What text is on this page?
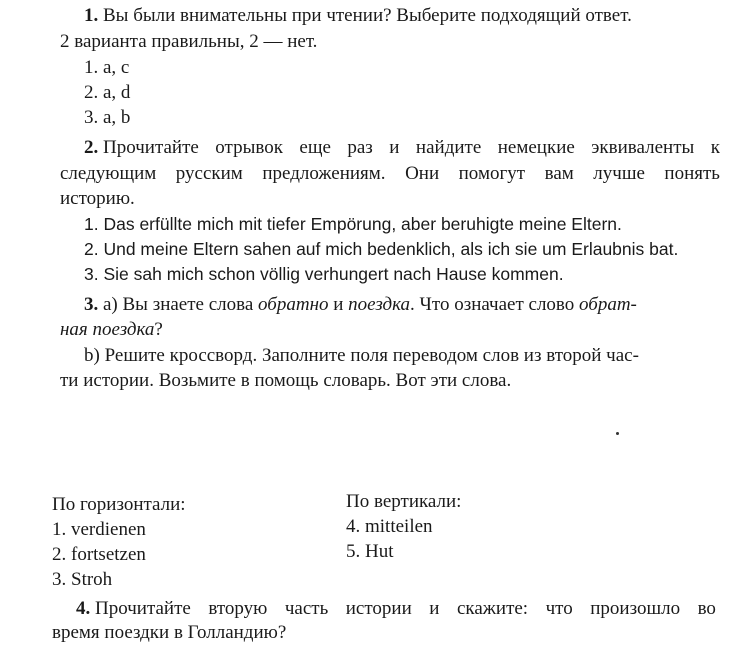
1. Вы были внимательны при чтении? Выберите подходящий ответ.
2 варианта правильны, 2 — нет.
1. a, c
2. a, d
3. a, b
2. Прочитайте отрывок еще раз и найдите немецкие эквиваленты к
следующим русским предложениям. Они помогут вам лучше понять
историю.
1. Das erfüllte mich mit tiefer Empörung, aber beruhigte meine Eltern.
2. Und meine Eltern sahen auf mich bedenklich, als ich sie um Erlaubnis bat.
3. Sie sah mich schon völlig verhungert nach Hause kommen.
3. a) Вы знаете слова обратно и поездка. Что означает слово обрат-
ная поездка?
b) Решите кроссворд. Заполните поля переводом слов из второй час-
ти истории. Возьмите в помощь словарь. Вот эти слова.
По горизонтали:
1. verdienen
2. fortsetzen
3. Stroh
По вертикали:
4. mitteilen
5. Hut
4. Прочитайте вторую часть истории и скажите: что произошло во
время поездки в Голландию?
